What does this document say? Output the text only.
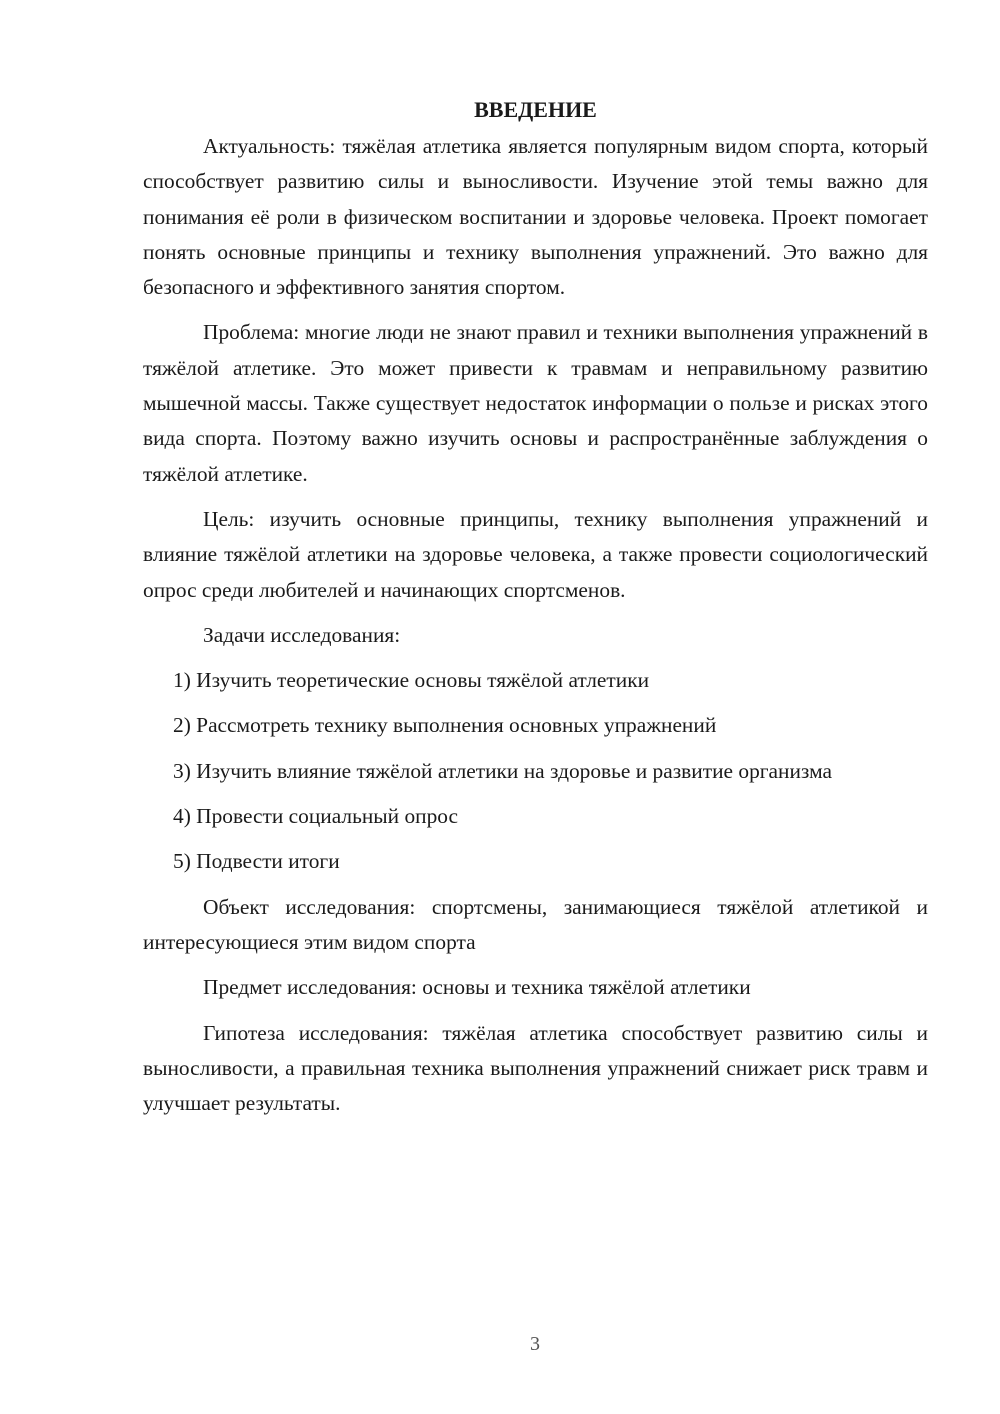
ВВЕДЕНИЕ

Актуальность: тяжёлая атлетика является популярным видом спорта, который способствует развитию силы и выносливости. Изучение этой темы важно для понимания её роли в физическом воспитании и здоровье человека. Проект помогает понять основные принципы и технику выполнения упражнений. Это важно для безопасного и эффективного занятия спортом.

Проблема: многие люди не знают правил и техники выполнения упражнений в тяжёлой атлетике. Это может привести к травмам и неправильному развитию мышечной массы. Также существует недостаток информации о пользе и рисках этого вида спорта. Поэтому важно изучить основы и распространённые заблуждения о тяжёлой атлетике.

Цель: изучить основные принципы, технику выполнения упражнений и влияние тяжёлой атлетики на здоровье человека, а также провести социологический опрос среди любителей и начинающих спортсменов.

Задачи исследования:

1) Изучить теоретические основы тяжёлой атлетики

2) Рассмотреть технику выполнения основных упражнений

3) Изучить влияние тяжёлой атлетики на здоровье и развитие организма

4) Провести социальный опрос

5) Подвести итоги

Объект исследования: спортсмены, занимающиеся тяжёлой атлетикой и интересующиеся этим видом спорта

Предмет исследования: основы и техника тяжёлой атлетики

Гипотеза исследования: тяжёлая атлетика способствует развитию силы и выносливости, а правильная техника выполнения упражнений снижает риск травм и улучшает результаты.

3
